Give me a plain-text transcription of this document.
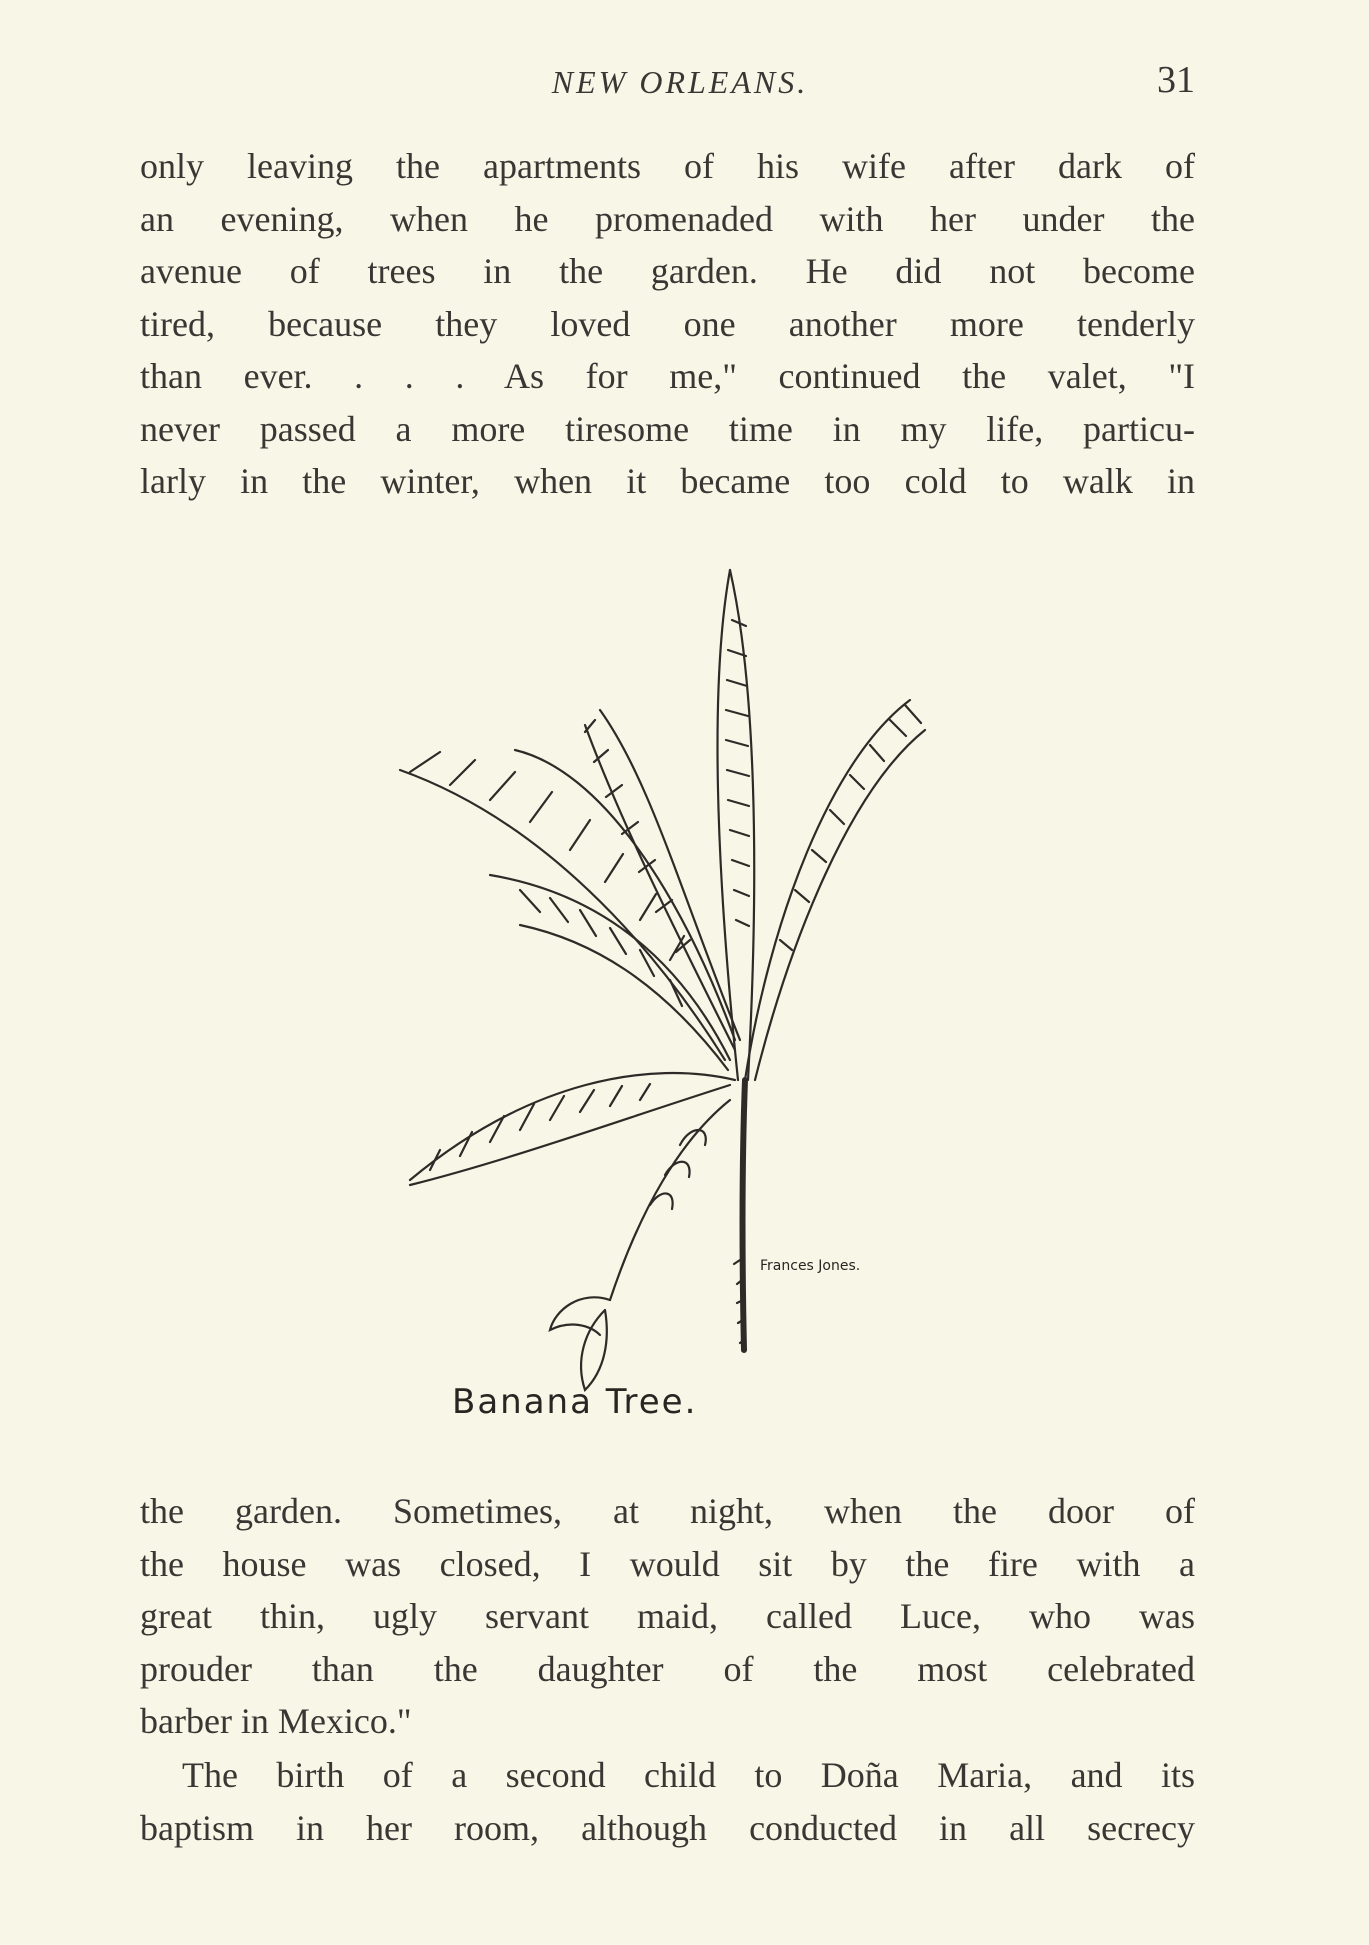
NEW ORLEANS.	31

only leaving the apartments of his wife after dark of
an evening, when he promenaded with her under the
avenue of trees in the garden. He did not become
tired, because they loved one another more tenderly
than ever. . . . As for me," continued the valet, "I
never passed a more tiresome time in my life, particu-
larly in the winter, when it became too cold to walk in

Frances Jones.
Banana Tree.

the garden. Sometimes, at night, when the door of
the house was closed, I would sit by the fire with a
great thin, ugly servant maid, called Luce, who was
prouder than the daughter of the most celebrated
barber in Mexico."

The birth of a second child to Doña Maria, and its
baptism in her room, although conducted in all secrecy
